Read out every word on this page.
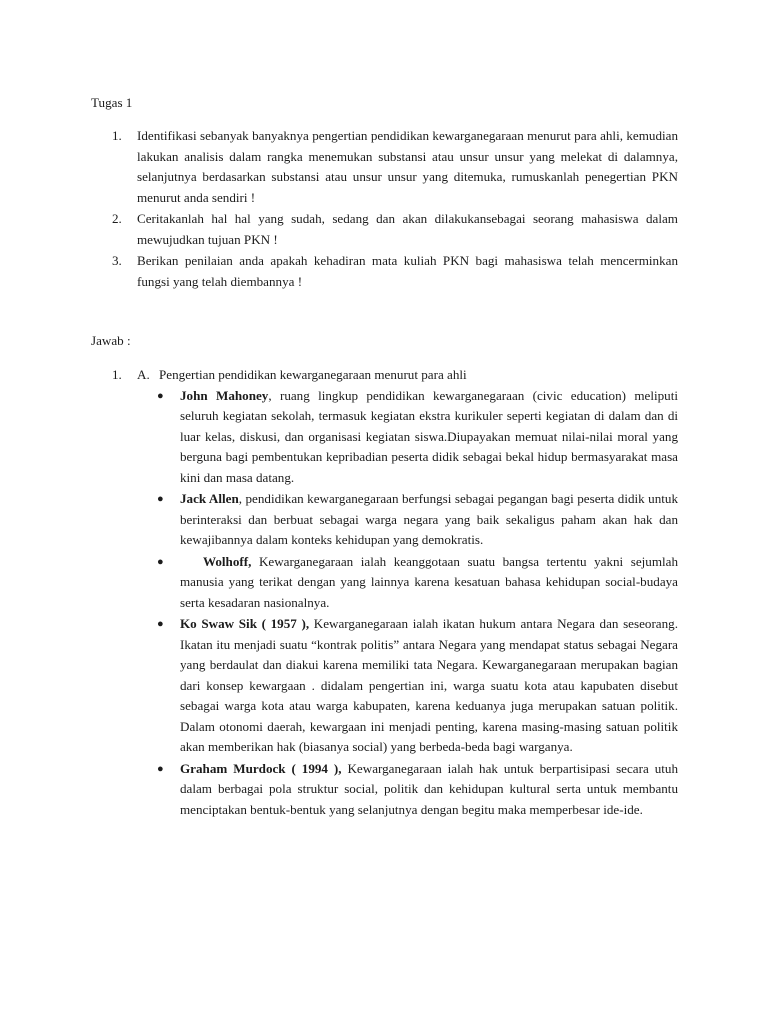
Tugas 1
1. Identifikasi sebanyak banyaknya pengertian pendidikan kewarganegaraan menurut para ahli, kemudian lakukan analisis dalam rangka menemukan substansi atau unsur unsur yang melekat di dalamnya, selanjutnya berdasarkan substansi atau unsur unsur yang ditemuka, rumuskanlah penegertian PKN menurut anda sendiri !
2. Ceritakanlah hal hal yang sudah, sedang dan akan dilakukansebagai seorang mahasiswa dalam mewujudkan tujuan PKN !
3. Berikan penilaian anda apakah kehadiran mata kuliah PKN bagi mahasiswa telah mencerminkan fungsi yang telah diembannya !
Jawab :
1. A. Pengertian pendidikan kewarganegaraan menurut para ahli
● John Mahoney, ruang lingkup pendidikan kewarganegaraan (civic education) meliputi seluruh kegiatan sekolah, termasuk kegiatan ekstra kurikuler seperti kegiatan di dalam dan di luar kelas, diskusi, dan organisasi kegiatan siswa.Diupayakan memuat nilai-nilai moral yang berguna bagi pembentukan kepribadian peserta didik sebagai bekal hidup bermasyarakat masa kini dan masa datang.
● Jack Allen, pendidikan kewarganegaraan berfungsi sebagai pegangan bagi peserta didik untuk berinteraksi dan berbuat sebagai warga negara yang baik sekaligus paham akan hak dan kewajibannya dalam konteks kehidupan yang demokratis.
●	Wolhoff, Kewarganegaraan ialah keanggotaan suatu bangsa tertentu yakni sejumlah manusia yang terikat dengan yang lainnya karena kesatuan bahasa kehidupan social-budaya serta kesadaran nasionalnya.
● Ko Swaw Sik ( 1957 ), Kewarganegaraan ialah ikatan hukum antara Negara dan seseorang. Ikatan itu menjadi suatu “kontrak politis” antara Negara yang mendapat status sebagai Negara yang berdaulat dan diakui karena memiliki tata Negara. Kewarganegaraan merupakan bagian dari konsep kewargaan . didalam pengertian ini, warga suatu kota atau kapubaten disebut sebagai warga kota atau warga kabupaten, karena keduanya juga merupakan satuan politik. Dalam otonomi daerah, kewargaan ini menjadi penting, karena masing-masing satuan politik akan memberikan hak (biasanya social) yang berbeda-beda bagi warganya.
● Graham Murdock ( 1994 ), Kewarganegaraan ialah hak untuk berpartisipasi secara utuh dalam berbagai pola struktur social, politik dan kehidupan kultural serta untuk membantu menciptakan bentuk-bentuk yang selanjutnya dengan begitu maka memperbesar ide-ide.
